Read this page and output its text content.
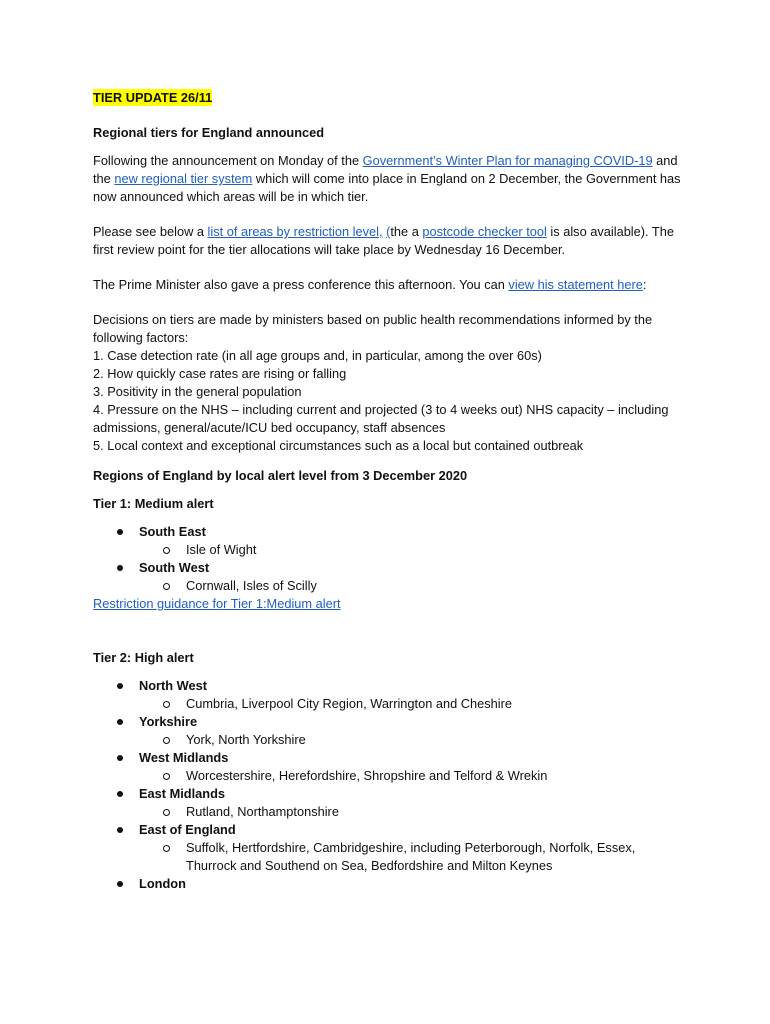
TIER UPDATE 26/11

Regional tiers for England announced

Following the announcement on Monday of the Government’s Winter Plan for managing COVID-19 and the new regional tier system which will come into place in England on 2 December, the Government has now announced which areas will be in which tier.

Please see below a list of areas by restriction level, (the a postcode checker tool is also available). The first review point for the tier allocations will take place by Wednesday 16 December.

The Prime Minister also gave a press conference this afternoon. You can view his statement here:

Decisions on tiers are made by ministers based on public health recommendations informed by the following factors:

1. Case detection rate (in all age groups and, in particular, among the over 60s)

2. How quickly case rates are rising or falling

3. Positivity in the general population

4. Pressure on the NHS – including current and projected (3 to 4 weeks out) NHS capacity – including admissions, general/acute/ICU bed occupancy, staff absences

5. Local context and exceptional circumstances such as a local but contained outbreak

Regions of England by local alert level from 3 December 2020

Tier 1: Medium alert

South East
Isle of Wight
South West
Cornwall, Isles of Scilly

Restriction guidance for Tier 1:Medium alert

Tier 2: High alert

North West
Cumbria, Liverpool City Region, Warrington and Cheshire
Yorkshire
York, North Yorkshire
West Midlands
Worcestershire, Herefordshire, Shropshire and Telford & Wrekin
East Midlands
Rutland, Northamptonshire
East of England
Suffolk, Hertfordshire, Cambridgeshire, including Peterborough, Norfolk, Essex, Thurrock and Southend on Sea, Bedfordshire and Milton Keynes
London
